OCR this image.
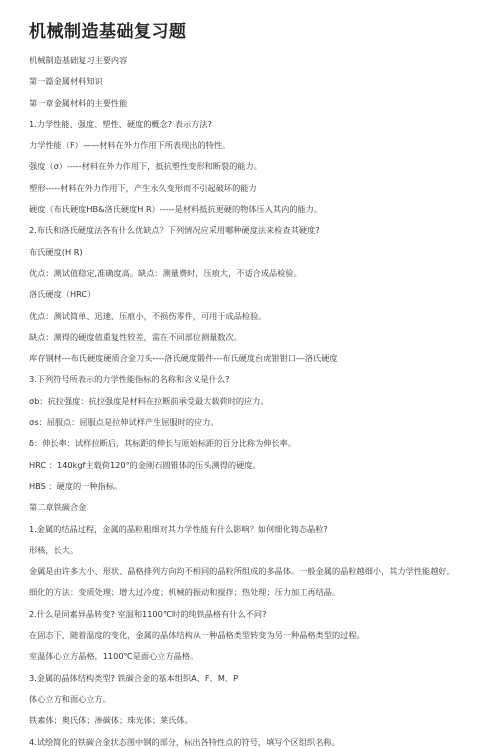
机械制造基础复习题
机械制造基础复习主要内容
第一篇金属材料知识
第一章金属材料的主要性能
1.力学性能、强度、塑性、硬度的概念? 表示方法?
力学性能（F）——材料在外力作用下所表现出的特性。
强度（σ）-----材料在外力作用下，抵抗塑性变形和断裂的能力。
塑形-----材料在外力作用下，产生永久变形而不引起破坏的能力
硬度（布氏硬度HB&洛氏硬度H R）-----是材料抵抗更硬的物体压入其内的能力。
2.布氏和洛氏硬度法各有什么优缺点？下列情况应采用哪种硬度法来检查其硬度?
布氏硬度(H R)
优点：测试值稳定,准确度高。缺点：测量费时，压痕大，不适合成品检验。
洛氏硬度（HRC）
优点：测试简单、迅速，压痕小，不损伤零件，可用于成品检验。
缺点：测得的硬度值重复性较差，需在不同部位测量数次。
库存钢材---布氏硬度硬质合金刀头----洛氏硬度锻件---布氏硬度台虎钳钳口---洛氏硬度
3.下列符号所表示的力学性能指标的名称和含义是什么?
σb：抗拉强度：抗拉强度是材料在拉断前承受最大载荷时的应力。
σs：屈服点：屈服点是拉伸试样产生屈服时的应力。
δ：伸长率：试样拉断后，其标距的伸长与原始标距的百分比称为伸长率。
HRC ：140kgf主载荷120°的金刚石圆锥体的压头测得的硬度。
HBS ：硬度的一种指标。
第二章铁碳合金
1.金属的结晶过程，金属的晶粒粗细对其力学性能有什么影响？如何细化铸态晶粒?
形核，长大。
金属是由许多大小、形状、晶格排列方向均不相同的晶粒所组成的多晶体。一般金属的晶粒越细小，其力学性能越好。
细化的方法：变质处理；增大过冷度；机械的振动和搅拌；热处理；压力加工再结晶。
2.什么是同素异晶转变? 室温和1100℃时的纯铁晶格有什么不同?
在固态下，随着温度的变化，金属的晶体结构从一种晶格类型转变为另一种晶格类型的过程。
室温体心立方晶格，1100℃是面心立方晶格。
3.金属的晶体结构类型? 铁碳合金的基本组织A、F、M、P
体心立方和面心立方。
铁素体；奥氏体；渗碳体；珠光体；莱氏体。
4.试绘简化的铁碳合金状态图中钢的部分，标出各特性点的符号，填写个区组织名称。
